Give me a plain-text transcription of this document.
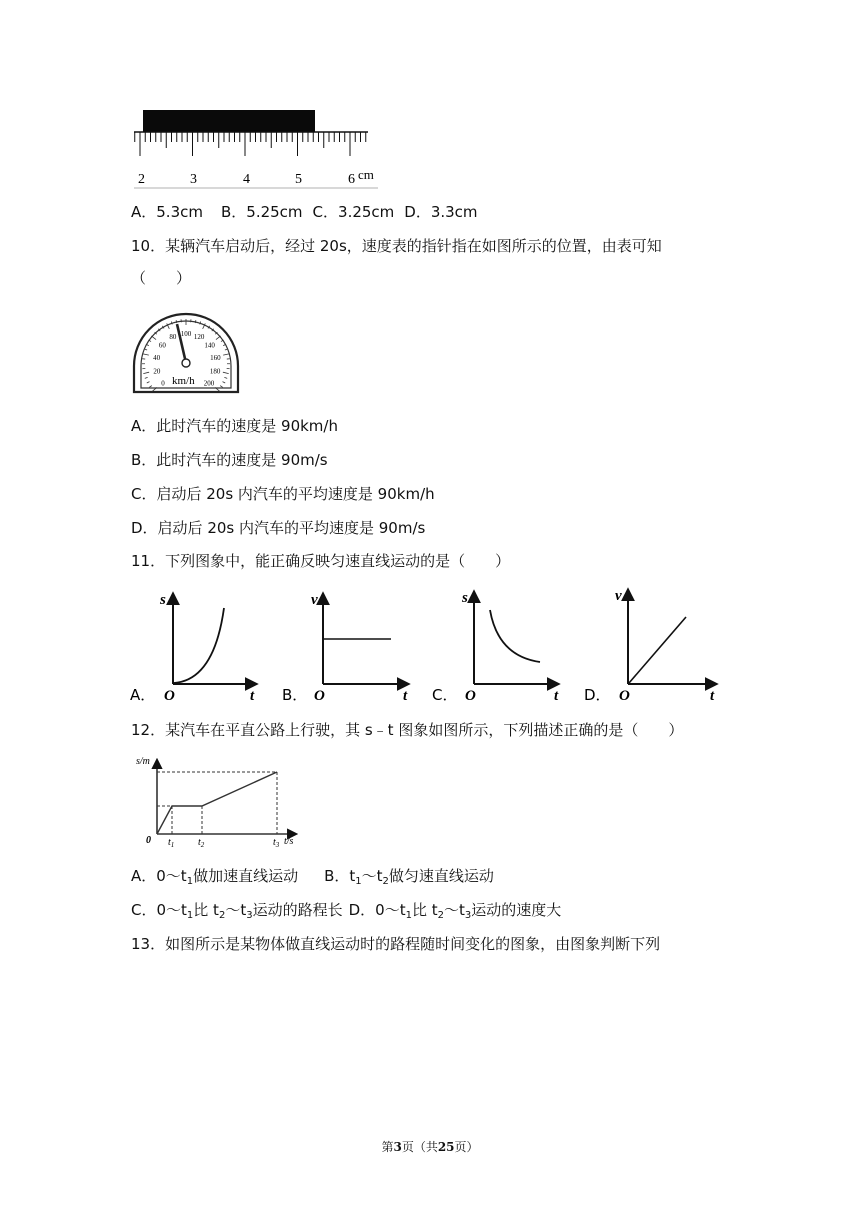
2	3	4	5	6 cm
A．5.3cm B．5.25cm C．3.25cm D．3.3cm
10．某辆汽车启动后，经过 20s，速度表的指针指在如图所示的位置，由表可知
（　　）
0
20
40
60
80 100 120
140
160
180
200
km/h
A．此时汽车的速度是 90km/h
B．此时汽车的速度是 90m/s
C．启动后 20s 内汽车的平均速度是 90km/h
D．启动后 20s 内汽车的平均速度是 90m/s
11．下列图象中，能正确反映匀速直线运动的是（　　）
A．
s
t
O	B．
v
t
O	C．
s
t
O	D．
v
t
O
12．某汽车在平直公路上行驶，其 s﹣t 图象如图所示，下列描述正确的是（　　）
s/m
t/s
0 $t_1$ $t_2$	$t_3$
A．$0\sim t_1$做加速直线运动 B．$t_1\sim t_2$做匀速直线运动
C．$0\sim t_1$比 $t_2\sim t_3$运动的路程长 D．$0\sim t_1$比 $t_2\sim t_3$运动的速度大
13．如图所示是某物体做直线运动时的路程随时间变化的图象，由图象判断下列
第3页（共25页）
